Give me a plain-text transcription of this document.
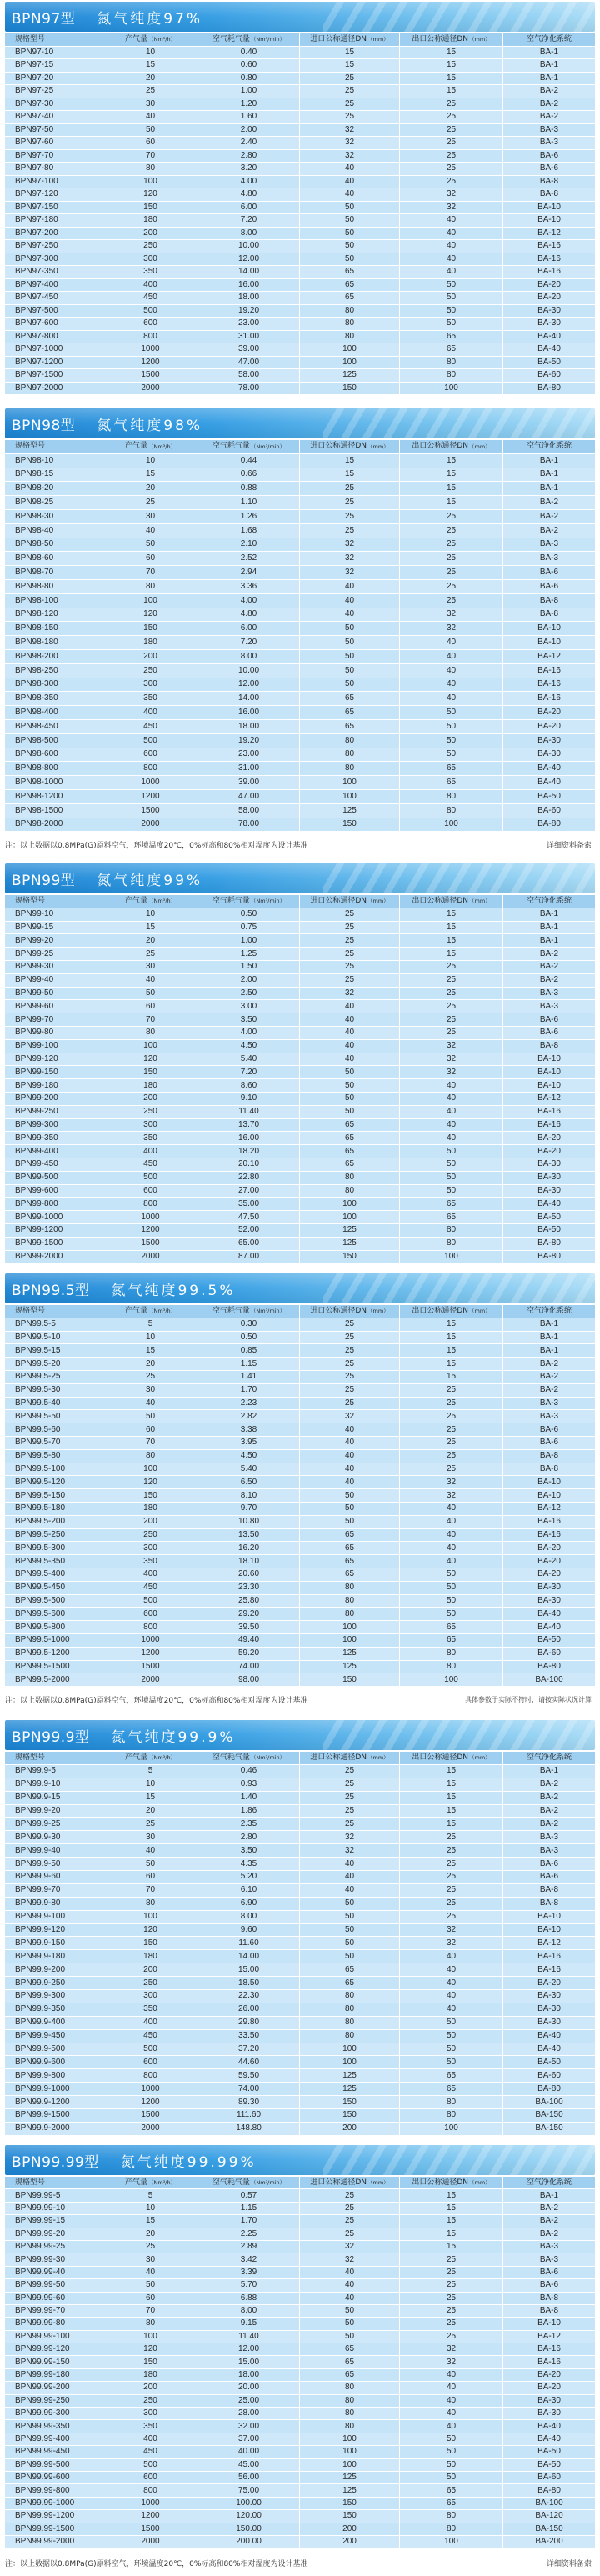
BPN97型 氮气纯度97%
规格型号	产气量 （Nm³/h）	空气耗气量 （Nm³/min）	进口公称通径DN （mm）	出口公称通径DN （mm）	空气净化系统
BPN97-10	10	0.40	15	15	BA-1
BPN97-15	15	0.60	15	15	BA-1
BPN97-20	20	0.80	25	15	BA-1
BPN97-25	25	1.00	25	15	BA-2
BPN97-30	30	1.20	25	25	BA-2
BPN97-40	40	1.60	25	25	BA-2
BPN97-50	50	2.00	32	25	BA-3
BPN97-60	60	2.40	32	25	BA-3
BPN97-70	70	2.80	32	25	BA-6
BPN97-80	80	3.20	40	25	BA-6
BPN97-100	100	4.00	40	25	BA-8
BPN97-120	120	4.80	40	32	BA-8
BPN97-150	150	6.00	50	32	BA-10
BPN97-180	180	7.20	50	40	BA-10
BPN97-200	200	8.00	50	40	BA-12
BPN97-250	250	10.00	50	40	BA-16
BPN97-300	300	12.00	50	40	BA-16
BPN97-350	350	14.00	65	40	BA-16
BPN97-400	400	16.00	65	50	BA-20
BPN97-450	450	18.00	65	50	BA-20
BPN97-500	500	19.20	80	50	BA-30
BPN97-600	600	23.00	80	50	BA-30
BPN97-800	800	31.00	80	65	BA-40
BPN97-1000	1000	39.00	100	65	BA-40
BPN97-1200	1200	47.00	100	80	BA-50
BPN97-1500	1500	58.00	125	80	BA-60
BPN97-2000	2000	78.00	150	100	BA-80
BPN98型 氮气纯度98%
规格型号	产气量 （Nm³/h）	空气耗气量 （Nm³/min）	进口公称通径DN （mm）	出口公称通径DN （mm）	空气净化系统
BPN98-10	10	0.44	15	15	BA-1
BPN98-15	15	0.66	15	15	BA-1
BPN98-20	20	0.88	25	15	BA-1
BPN98-25	25	1.10	25	15	BA-2
BPN98-30	30	1.26	25	25	BA-2
BPN98-40	40	1.68	25	25	BA-2
BPN98-50	50	2.10	32	25	BA-3
BPN98-60	60	2.52	32	25	BA-3
BPN98-70	70	2.94	32	25	BA-6
BPN98-80	80	3.36	40	25	BA-6
BPN98-100	100	4.00	40	25	BA-8
BPN98-120	120	4.80	40	32	BA-8
BPN98-150	150	6.00	50	32	BA-10
BPN98-180	180	7.20	50	40	BA-10
BPN98-200	200	8.00	50	40	BA-12
BPN98-250	250	10.00	50	40	BA-16
BPN98-300	300	12.00	50	40	BA-16
BPN98-350	350	14.00	65	40	BA-16
BPN98-400	400	16.00	65	50	BA-20
BPN98-450	450	18.00	65	50	BA-20
BPN98-500	500	19.20	80	50	BA-30
BPN98-600	600	23.00	80	50	BA-30
BPN98-800	800	31.00	80	65	BA-40
BPN98-1000	1000	39.00	100	65	BA-40
BPN98-1200	1200	47.00	100	80	BA-50
BPN98-1500	1500	58.00	125	80	BA-60
BPN98-2000	2000	78.00	150	100	BA-80
注：以上数据以0.8MPa(G)原料空气，环境温度20℃，0%标高和80%相对湿度为设计基准	详细资料备索
BPN99型 氮气纯度99%
规格型号	产气量 （Nm³/h）	空气耗气量 （Nm³/min）	进口公称通径DN （mm）	出口公称通径DN （mm）	空气净化系统
BPN99-10	10	0.50	25	15	BA-1
BPN99-15	15	0.75	25	15	BA-1
BPN99-20	20	1.00	25	15	BA-1
BPN99-25	25	1.25	25	15	BA-2
BPN99-30	30	1.50	25	25	BA-2
BPN99-40	40	2.00	25	25	BA-2
BPN99-50	50	2.50	32	25	BA-3
BPN99-60	60	3.00	40	25	BA-3
BPN99-70	70	3.50	40	25	BA-6
BPN99-80	80	4.00	40	25	BA-6
BPN99-100	100	4.50	40	32	BA-8
BPN99-120	120	5.40	40	32	BA-10
BPN99-150	150	7.20	50	32	BA-10
BPN99-180	180	8.60	50	40	BA-10
BPN99-200	200	9.10	50	40	BA-12
BPN99-250	250	11.40	50	40	BA-16
BPN99-300	300	13.70	65	40	BA-16
BPN99-350	350	16.00	65	40	BA-20
BPN99-400	400	18.20	65	50	BA-20
BPN99-450	450	20.10	65	50	BA-30
BPN99-500	500	22.80	80	50	BA-30
BPN99-600	600	27.00	80	50	BA-30
BPN99-800	800	35.00	100	65	BA-40
BPN99-1000	1000	47.50	100	65	BA-50
BPN99-1200	1200	52.00	125	80	BA-50
BPN99-1500	1500	65.00	125	80	BA-80
BPN99-2000	2000	87.00	150	100	BA-80
BPN99.5型 氮气纯度99.5%
规格型号	产气量 （Nm³/h）	空气耗气量 （Nm³/min）	进口公称通径DN （mm）	出口公称通径DN （mm）	空气净化系统
BPN99.5-5	5	0.30	25	15	BA-1
BPN99.5-10	10	0.50	25	15	BA-1
BPN99.5-15	15	0.85	25	15	BA-1
BPN99.5-20	20	1.15	25	15	BA-2
BPN99.5-25	25	1.41	25	15	BA-2
BPN99.5-30	30	1.70	25	25	BA-2
BPN99.5-40	40	2.23	25	25	BA-3
BPN99.5-50	50	2.82	32	25	BA-3
BPN99.5-60	60	3.38	40	25	BA-6
BPN99.5-70	70	3.95	40	25	BA-6
BPN99.5-80	80	4.50	40	25	BA-8
BPN99.5-100	100	5.40	40	25	BA-8
BPN99.5-120	120	6.50	40	32	BA-10
BPN99.5-150	150	8.10	50	32	BA-10
BPN99.5-180	180	9.70	50	40	BA-12
BPN99.5-200	200	10.80	50	40	BA-16
BPN99.5-250	250	13.50	65	40	BA-16
BPN99.5-300	300	16.20	65	40	BA-20
BPN99.5-350	350	18.10	65	40	BA-20
BPN99.5-400	400	20.60	65	50	BA-20
BPN99.5-450	450	23.30	80	50	BA-30
BPN99.5-500	500	25.80	80	50	BA-30
BPN99.5-600	600	29.20	80	50	BA-40
BPN99.5-800	800	39.50	100	65	BA-40
BPN99.5-1000	1000	49.40	100	65	BA-50
BPN99.5-1200	1200	59.20	125	80	BA-60
BPN99.5-1500	1500	74.00	125	80	BA-80
BPN99.5-2000	2000	98.00	150	100	BA-100
注：以上数据以0.8MPa(G)原料空气，环境温度20℃，0%标高和80%相对湿度为设计基准	具体参数于实际不符时，请按实际状况计算
BPN99.9型 氮气纯度99.9%
规格型号	产气量 （Nm³/h）	空气耗气量 （Nm³/min）	进口公称通径DN （mm）	出口公称通径DN （mm）	空气净化系统
BPN99.9-5	5	0.46	25	15	BA-1
BPN99.9-10	10	0.93	25	15	BA-2
BPN99.9-15	15	1.40	25	15	BA-2
BPN99.9-20	20	1.86	25	15	BA-2
BPN99.9-25	25	2.35	25	15	BA-2
BPN99.9-30	30	2.80	32	25	BA-3
BPN99.9-40	40	3.50	32	25	BA-3
BPN99.9-50	50	4.35	40	25	BA-6
BPN99.9-60	60	5.20	40	25	BA-6
BPN99.9-70	70	6.10	40	25	BA-8
BPN99.9-80	80	6.90	50	25	BA-8
BPN99.9-100	100	8.00	50	25	BA-10
BPN99.9-120	120	9.60	50	32	BA-10
BPN99.9-150	150	11.60	50	32	BA-12
BPN99.9-180	180	14.00	50	40	BA-16
BPN99.9-200	200	15.00	65	40	BA-16
BPN99.9-250	250	18.50	65	40	BA-20
BPN99.9-300	300	22.30	80	40	BA-30
BPN99.9-350	350	26.00	80	40	BA-30
BPN99.9-400	400	29.80	80	50	BA-30
BPN99.9-450	450	33.50	80	50	BA-40
BPN99.9-500	500	37.20	100	50	BA-40
BPN99.9-600	600	44.60	100	50	BA-50
BPN99.9-800	800	59.50	125	65	BA-60
BPN99.9-1000	1000	74.00	125	65	BA-80
BPN99.9-1200	1200	89.30	150	80	BA-100
BPN99.9-1500	1500	111.60	150	80	BA-150
BPN99.9-2000	2000	148.80	200	100	BA-150
BPN99.99型 氮气纯度99.99%
规格型号	产气量 （Nm³/h）	空气耗气量 （Nm³/min）	进口公称通径DN （mm）	出口公称通径DN （mm）	空气净化系统
BPN99.99-5	5	0.57	25	15	BA-1
BPN99.99-10	10	1.15	25	15	BA-2
BPN99.99-15	15	1.70	25	15	BA-2
BPN99.99-20	20	2.25	25	15	BA-2
BPN99.99-25	25	2.89	32	15	BA-3
BPN99.99-30	30	3.42	32	25	BA-3
BPN99.99-40	40	3.39	40	25	BA-6
BPN99.99-50	50	5.70	40	25	BA-6
BPN99.99-60	60	6.88	40	25	BA-8
BPN99.99-70	70	8.00	50	25	BA-8
BPN99.99-80	80	9.15	50	25	BA-10
BPN99.99-100	100	11.40	50	25	BA-12
BPN99.99-120	120	12.00	65	32	BA-16
BPN99.99-150	150	15.00	65	32	BA-16
BPN99.99-180	180	18.00	65	40	BA-20
BPN99.99-200	200	20.00	80	40	BA-20
BPN99.99-250	250	25.00	80	40	BA-30
BPN99.99-300	300	28.00	80	40	BA-30
BPN99.99-350	350	32.00	80	40	BA-40
BPN99.99-400	400	37.00	100	50	BA-40
BPN99.99-450	450	40.00	100	50	BA-50
BPN99.99-500	500	45.00	100	50	BA-50
BPN99.99-600	600	56.00	125	50	BA-60
BPN99.99-800	800	75.00	125	65	BA-80
BPN99.99-1000	1000	100.00	150	65	BA-100
BPN99.99-1200	1200	120.00	150	80	BA-120
BPN99.99-1500	1500	150.00	200	80	BA-150
BPN99.99-2000	2000	200.00	200	100	BA-200
注：以上数据以0.8MPa(G)原料空气，环境温度20℃，0%标高和80%相对湿度为设计基准	详细资料备索
